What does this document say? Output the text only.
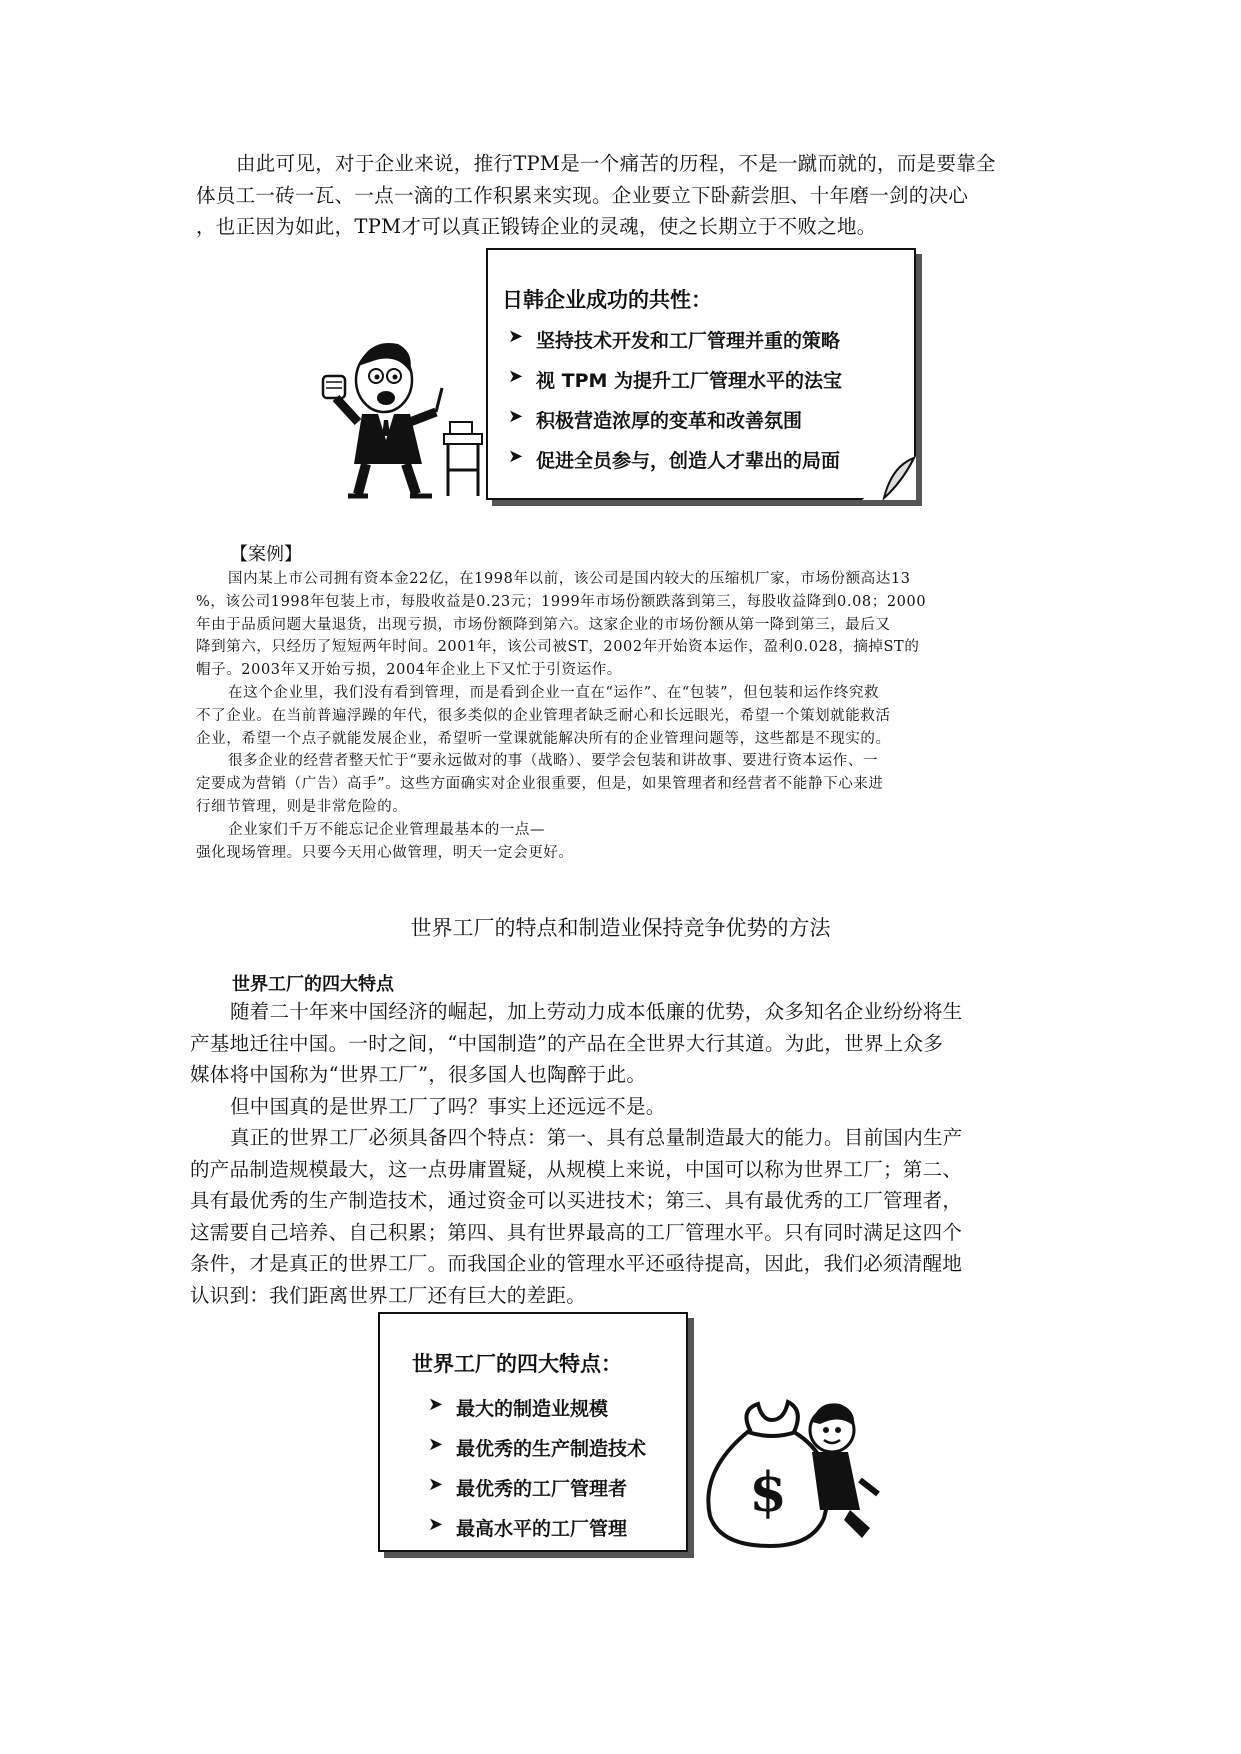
由此可见，对于企业来说，推行TPM是一个痛苦的历程，不是一蹴而就的，而是要靠全

体员工一砖一瓦、一点一滴的工作积累来实现。企业要立下卧薪尝胆、十年磨一剑的决心

，也正因为如此，TPM才可以真正锻铸企业的灵魂，使之长期立于不败之地。

日韩企业成功的共性：
➤ 坚持技术开发和工厂管理并重的策略
➤ 视 TPM 为提升工厂管理水平的法宝
➤ 积极营造浓厚的变革和改善氛围
➤ 促进全员参与，创造人才辈出的局面
【案例】

国内某上市公司拥有资本金22亿，在1998年以前，该公司是国内较大的压缩机厂家，市场份额高达13

%，该公司1998年包装上市，每股收益是0.23元；1999年市场份额跌落到第三，每股收益降到0.08；2000

年由于品质问题大量退货，出现亏损，市场份额降到第六。这家企业的市场份额从第一降到第三，最后又

降到第六，只经历了短短两年时间。2001年，该公司被ST，2002年开始资本运作，盈利0.028，摘掉ST的

帽子。2003年又开始亏损，2004年企业上下又忙于引资运作。

在这个企业里，我们没有看到管理，而是看到企业一直在“运作”、在“包装”，但包装和运作终究救

不了企业。在当前普遍浮躁的年代，很多类似的企业管理者缺乏耐心和长远眼光，希望一个策划就能救活

企业，希望一个点子就能发展企业，希望听一堂课就能解决所有的企业管理问题等，这些都是不现实的。

很多企业的经营者整天忙于“要永远做对的事（战略）、要学会包装和讲故事、要进行资本运作、一

定要成为营销（广告）高手”。这些方面确实对企业很重要，但是，如果管理者和经营者不能静下心来进

行细节管理，则是非常危险的。

企业家们千万不能忘记企业管理最基本的一点—

强化现场管理。只要今天用心做管理，明天一定会更好。

世界工厂的特点和制造业保持竞争优势的方法
世界工厂的四大特点

随着二十年来中国经济的崛起，加上劳动力成本低廉的优势，众多知名企业纷纷将生

产基地迁往中国。一时之间，“中国制造”的产品在全世界大行其道。为此，世界上众多

媒体将中国称为“世界工厂”，很多国人也陶醉于此。

但中国真的是世界工厂了吗？事实上还远远不是。

真正的世界工厂必须具备四个特点：第一、具有总量制造最大的能力。目前国内生产

的产品制造规模最大，这一点毋庸置疑，从规模上来说，中国可以称为世界工厂；第二、

具有最优秀的生产制造技术，通过资金可以买进技术；第三、具有最优秀的工厂管理者，

这需要自己培养、自己积累；第四、具有世界最高的工厂管理水平。只有同时满足这四个

条件，才是真正的世界工厂。而我国企业的管理水平还亟待提高，因此，我们必须清醒地

认识到：我们距离世界工厂还有巨大的差距。

世界工厂的四大特点：
➤ 最大的制造业规模
➤ 最优秀的生产制造技术
➤ 最优秀的工厂管理者
➤ 最高水平的工厂管理
$
